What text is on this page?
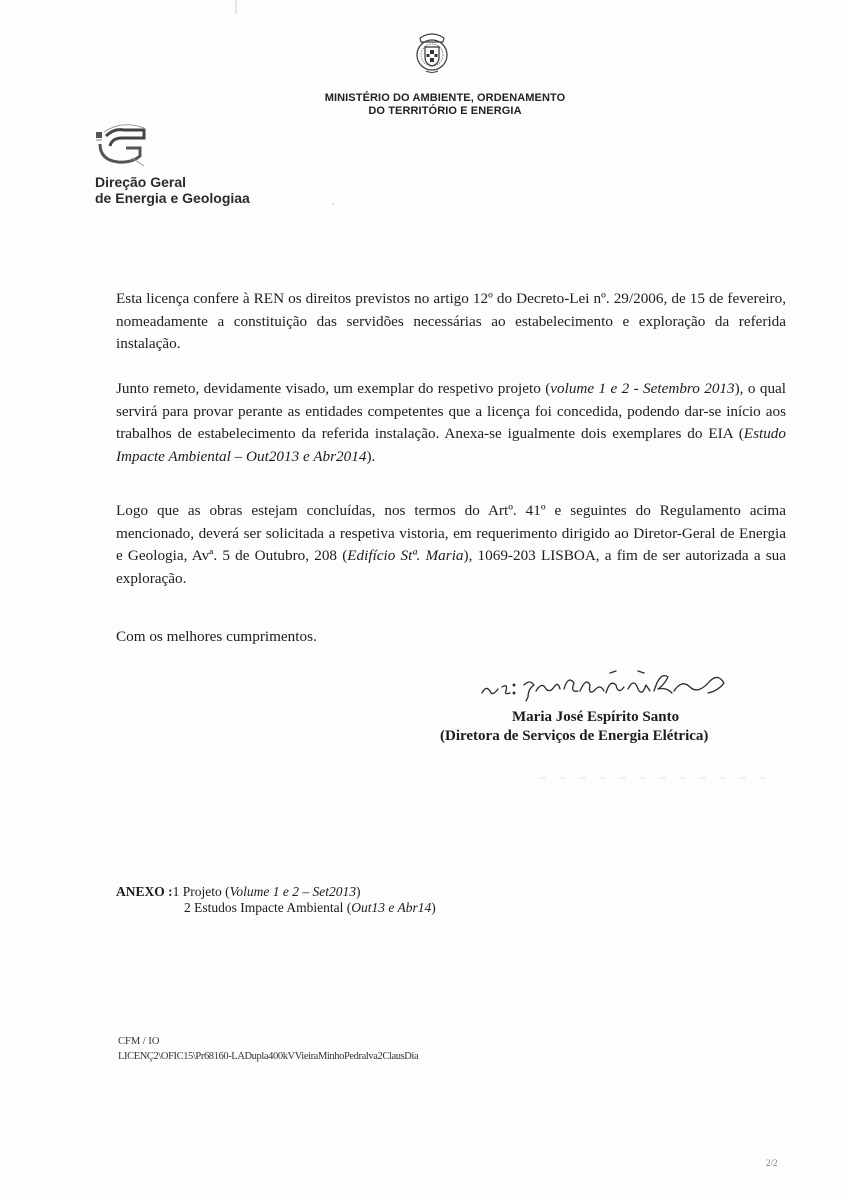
MINISTÉRIO DO AMBIENTE, ORDENAMENTO
DO TERRITÓRIO E ENERGIA
Direção Geral
de Energia e Geologiaa
Esta licença confere à REN os direitos previstos no artigo 12º do Decreto-Lei nº. 29/2006, de 15 de fevereiro, nomeadamente a constituição das servidões necessárias ao estabelecimento e exploração da referida instalação.
Junto remeto, devidamente visado, um exemplar do respetivo projeto (volume 1 e 2 - Setembro 2013), o qual servirá para provar perante as entidades competentes que a licença foi concedida, podendo dar-se início aos trabalhos de estabelecimento da referida instalação. Anexa-se igualmente dois exemplares do EIA (Estudo Impacte Ambiental – Out2013 e Abr2014).
Logo que as obras estejam concluídas, nos termos do Artº. 41º e seguintes do Regulamento acima mencionado, deverá ser solicitada a respetiva vistoria, em requerimento dirigido ao Diretor-Geral de Energia e Geologia, Avª. 5 de Outubro, 208 (Edifício Stª. Maria), 1069-203 LISBOA, a fim de ser autorizada a sua exploração.
Com os melhores cumprimentos.
Maria José Espírito Santo
(Diretora de Serviços de Energia Elétrica)
ANEXO :1 Projeto (Volume 1 e 2 – Set2013)
2 Estudos Impacte Ambiental (Out13 e Abr14)
CFM / IO
LICENÇ2\OFIC15\Pr68160-LADupla400kVVieiraMinhoPedralva2ClausDia
2/2
